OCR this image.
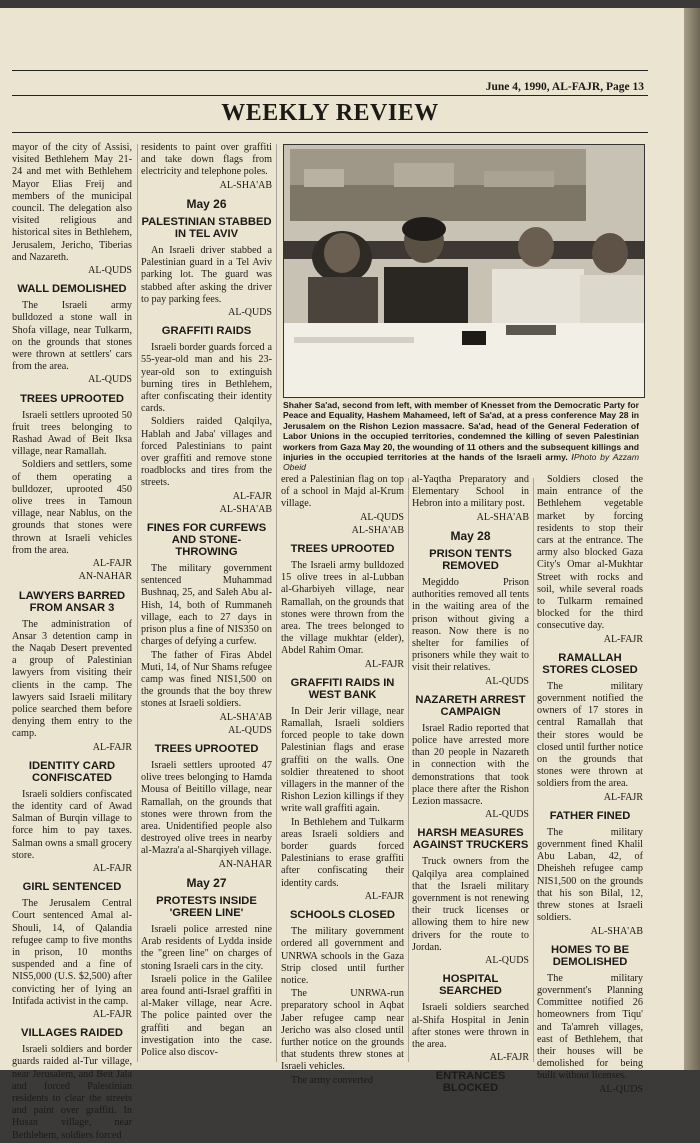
June 4, 1990, AL-FAJR, Page 13
WEEKLY REVIEW
Shaher Sa'ad, second from left, with member of Knesset from the Democratic Party for Peace and Equality, Hashem Mahameed, left of Sa'ad, at a press conference May 28 in Jerusalem on the Rishon Lezion massacre. Sa'ad, head of the General Federation of Labor Unions in the occupied territories, condemned the killing of seven Palestinian workers from Gaza May 20, the wounding of 11 others and the subsequent killings and injuries in the occupied territories at the hands of the Israeli army. /Photo by Azzam Obeid

mayor of the city of Assisi, visited Bethlehem May 21-24 and met with Bethlehem Mayor Elias Freij and members of the municipal council. The delegation also visited religious and historical sites in Bethlehem, Jerusalem, Jericho, Tiberias and Nazareth.

AL-QUDS
WALL DEMOLISHED

The Israeli army bulldozed a stone wall in Shofa village, near Tulkarm, on the grounds that stones were thrown at settlers' cars from the area.

AL-QUDS
TREES UPROOTED

Israeli settlers uprooted 50 fruit trees belonging to Rashad Awad of Beit Iksa village, near Ramallah.

Soldiers and settlers, some of them operating a bulldozer, uprooted 450 olive trees in Tamoun village, near Nablus, on the grounds that stones were thrown at Israeli vehicles from the area.

AL-FAJR
AN-NAHAR
LAWYERS BARRED FROM ANSAR 3

The administration of Ansar 3 detention camp in the Naqab Desert prevented a group of Palestinian lawyers from visiting their clients in the camp. The lawyers said Israeli military police searched them before denying them entry to the camp.

AL-FAJR
IDENTITY CARD CONFISCATED

Israeli soldiers confiscated the identity card of Awad Salman of Burqin village to force him to pay taxes. Salman owns a small grocery store.

AL-FAJR
GIRL SENTENCED

The Jerusalem Central Court sentenced Amal al-Shouli, 14, of Qalandia refugee camp to five months in prison, 10 months suspended and a fine of NIS5,000 (U.S. $2,500) after convicting her of lying an Intifada activist in the camp.

AL-FAJR
VILLAGES RAIDED

Israeli soldiers and border guards raided al-Tur village, near Jerusalem, and Beit Jala and forced Palestinian residents to clear the streets and paint over graffiti. In Husan village, near Bethlehem, soldiers forced

residents to paint over graffiti and take down flags from electricity and telephone poles.

AL-SHA'AB
May 26
PALESTINIAN STABBED IN TEL AVIV

An Israeli driver stabbed a Palestinian guard in a Tel Aviv parking lot. The guard was stabbed after asking the driver to pay parking fees.

AL-QUDS
GRAFFITI RAIDS

Israeli border guards forced a 55-year-old man and his 23-year-old son to extinguish burning tires in Bethlehem, after confiscating their identity cards.

Soldiers raided Qalqilya, Hablah and Jaba' villages and forced Palestinians to paint over graffiti and remove stone roadblocks and tires from the streets.

AL-FAJR
AL-SHA'AB
FINES FOR CURFEWS AND STONE-THROWING

The military government sentenced Muhammad Bushnaq, 25, and Saleh Abu al-Hish, 14, both of Rummaneh village, each to 27 days in prison plus a fine of NIS350 on charges of defying a curfew.

The father of Firas Abdel Muti, 14, of Nur Shams refugee camp was fined NIS1,500 on the grounds that the boy threw stones at Israeli soldiers.

AL-SHA'AB
AL-QUDS
TREES UPROOTED

Israeli settlers uprooted 47 olive trees belonging to Hamda Mousa of Beitillo village, near Ramallah, on the grounds that stones were thrown from the area. Unidentified people also destroyed olive trees in nearby al-Mazra'a al-Sharqiyeh village.

AN-NAHAR
May 27
PROTESTS INSIDE 'GREEN LINE'

Israeli police arrested nine Arab residents of Lydda inside the "green line" on charges of stoning Israeli cars in the city.

Israeli police in the Galilee area found anti-Israel graffiti in al-Maker village, near Acre. The police painted over the graffiti and began an investigation into the case. Police also discov-

ered a Palestinian flag on top of a school in Majd al-Krum village.

AL-QUDS
AL-SHA'AB
TREES UPROOTED

The Israeli army bulldozed 15 olive trees in al-Lubban al-Gharbiyeh village, near Ramallah, on the grounds that stones were thrown from the area. The trees belonged to the village mukhtar (elder), Abdel Rahim Omar.

AL-FAJR
GRAFFITI RAIDS IN WEST BANK

In Deir Jerir village, near Ramallah, Israeli soldiers forced people to take down Palestinian flags and erase graffiti on the walls. One soldier threatened to shoot villagers in the manner of the Rishon Lezion killings if they write wall graffiti again.

In Bethlehem and Tulkarm areas Israeli soldiers and border guards forced Palestinians to erase graffiti after confiscating their identity cards.

AL-FAJR
SCHOOLS CLOSED

The military government ordered all government and UNRWA schools in the Gaza Strip closed until further notice.

The UNRWA-run preparatory school in Aqbat Jaber refugee camp near Jericho was also closed until further notice on the grounds that students threw stones at Israeli vehicles.

The army converted

al-Yaqtha Preparatory and Elementary School in Hebron into a military post.

AL-SHA'AB
May 28
PRISON TENTS REMOVED

Megiddo Prison authorities removed all tents in the waiting area of the prison without giving a reason. Now there is no shelter for families of prisoners while they wait to visit their relatives.

AL-QUDS
NAZARETH ARREST CAMPAIGN

Israel Radio reported that police have arrested more than 20 people in Nazareth in connection with the demonstrations that took place there after the Rishon Lezion massacre.

AL-QUDS
HARSH MEASURES AGAINST TRUCKERS

Truck owners from the Qalqilya area complained that the Israeli military government is not renewing their truck licenses or allowing them to hire new drivers for the route to Jordan.

AL-QUDS
HOSPITAL SEARCHED

Israeli soldiers searched al-Shifa Hospital in Jenin after stones were thrown in the area.

AL-FAJR
ENTRANCES BLOCKED

Soldiers closed the main entrance of the Bethlehem vegetable market by forcing residents to stop their cars at the entrance. The army also blocked Gaza City's Omar al-Mukhtar Street with rocks and soil, while several roads to Tulkarm remained blocked for the third consecutive day.

AL-FAJR
RAMALLAH STORES CLOSED

The military government notified the owners of 17 stores in central Ramallah that their stores would be closed until further notice on the grounds that stones were thrown at soldiers from the area.

AL-FAJR
FATHER FINED

The military government fined Khalil Abu Laban, 42, of Dheisheh refugee camp NIS1,500 on the grounds that his son Bilal, 12, threw stones at Israeli soldiers.

AL-SHA'AB
HOMES TO BE DEMOLISHED

The military government's Planning Committee notified 26 homeowners from Tiqu' and Ta'amreh villages, east of Bethlehem, that their houses will be demolished for being built without licenses.

AL-QUDS
